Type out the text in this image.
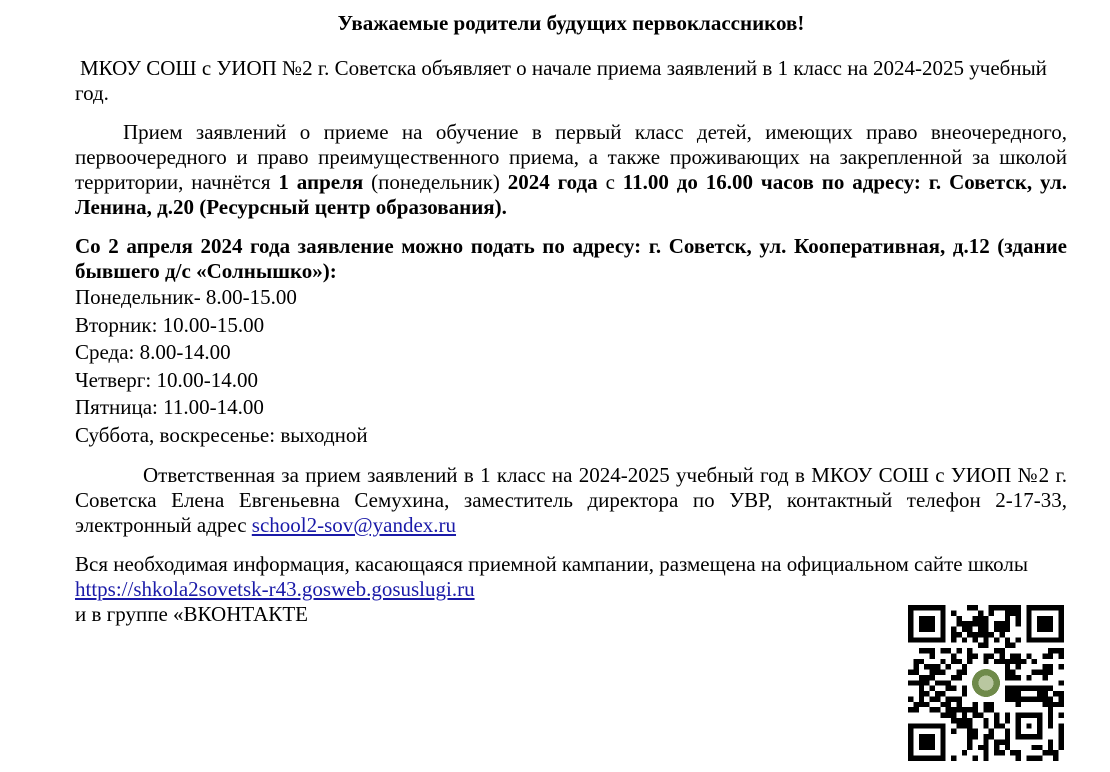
Уважаемые родители будущих первоклассников!

МКОУ СОШ с УИОП №2 г. Советска объявляет о начале приема заявлений в 1 класс на 2024-2025 учебный год.

Прием заявлений о приеме на обучение в первый класс детей, имеющих право внеочередного, первоочередного и право преимущественного приема, а также проживающих на закрепленной за школой территории, начнётся 1 апреля (понедельник) 2024 года с 11.00 до 16.00 часов по адресу: г. Советск, ул. Ленина, д.20 (Ресурсный центр образования).

Со 2 апреля 2024 года заявление можно подать по адресу: г. Советск, ул. Кооперативная, д.12 (здание бывшего д/с «Солнышко»):

Понедельник- 8.00-15.00
Вторник: 10.00-15.00
Среда: 8.00-14.00
Четверг: 10.00-14.00
Пятница: 11.00-14.00
Суббота, воскресенье: выходной

Ответственная за прием заявлений в 1 класс на 2024-2025 учебный год в МКОУ СОШ с УИОП №2 г. Советска Елена Евгеньевна Семухина, заместитель директора по УВР, контактный телефон 2-17-33, электронный адрес school2-sov@yandex.ru

Вся необходимая информация, касающаяся приемной кампании, размещена на официальном сайте школы https://shkola2sovetsk-r43.gosweb.gosuslugi.ru

и в группе «ВКОНТАКТЕ
